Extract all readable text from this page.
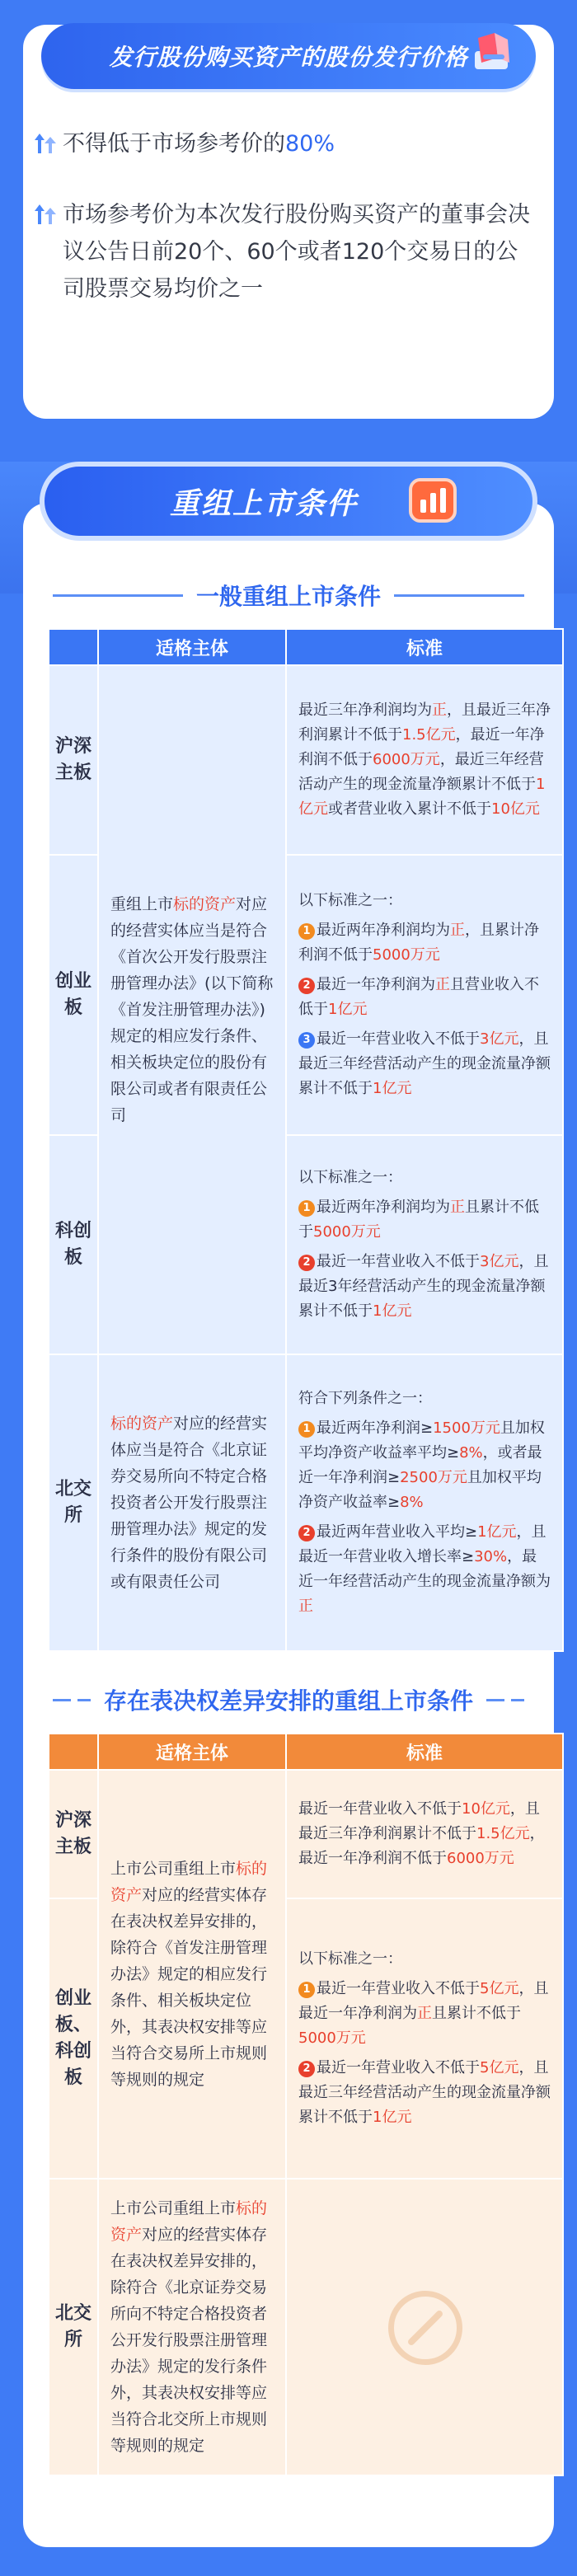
发行股份购买资产的股份发行价格
不得低于市场参考价的80%
市场参考价为本次发行股份购买资产的董事会决议公告日前20个、60个或者120个交易日的公司股票交易均价之一
重组上市条件
一般重组上市条件
	适格主体	标准
沪深主板	重组上市标的资产对应的经营实体应当是符合《首次公开发行股票注册管理办法》(以下简称《首发注册管理办法》)规定的相应发行条件、相关板块定位的股份有限公司或者有限责任公司	最近三年净利润均为正，且最近三年净利润累计不低于1.5亿元，最近一年净利润不低于6000万元，最近三年经营活动产生的现金流量净额累计不低于1亿元或者营业收入累计不低于10亿元
创业板		以下标准之一：

1 最近两年净利润均为正，且累计净利润不低于5000万元

2 最近一年净利润为正且营业收入不低于1亿元

3 最近一年营业收入不低于3亿元，且最近三年经营活动产生的现金流量净额累计不低于1亿元

科创板		以下标准之一：

1 最近两年净利润均为正且累计不低于5000万元

2 最近一年营业收入不低于3亿元，且最近3年经营活动产生的现金流量净额累计不低于1亿元

北交所	标的资产对应的经营实体应当是符合《北京证券交易所向不特定合格投资者公开发行股票注册管理办法》规定的发行条件的股份有限公司或有限责任公司	符合下列条件之一：

1 最近两年净利润≥1500万元且加权平均净资产收益率平均≥8%，或者最近一年净利润≥2500万元且加权平均净资产收益率≥8%

2 最近两年营业收入平均≥1亿元，且最近一年营业收入增长率≥30%，最近一年经营活动产生的现金流量净额为正

存在表决权差异安排的重组上市条件
	适格主体	标准
沪深主板	上市公司重组上市标的资产对应的经营实体存在表决权差异安排的，除符合《首发注册管理办法》规定的相应发行条件、相关板块定位外，其表决权安排等应当符合交易所上市规则等规则的规定	最近一年营业收入不低于10亿元，且最近三年净利润累计不低于1.5亿元，最近一年净利润不低于6000万元
创业板、科创板		以下标准之一：

1 最近一年营业收入不低于5亿元，且最近一年净利润为正且累计不低于5000万元

2 最近一年营业收入不低于5亿元，且最近三年经营活动产生的现金流量净额累计不低于1亿元

北交所	上市公司重组上市标的资产对应的经营实体存在表决权差异安排的，除符合《北京证券交易所向不特定合格投资者公开发行股票注册管理办法》规定的发行条件外，其表决权安排等应当符合北交所上市规则等规则的规定	
